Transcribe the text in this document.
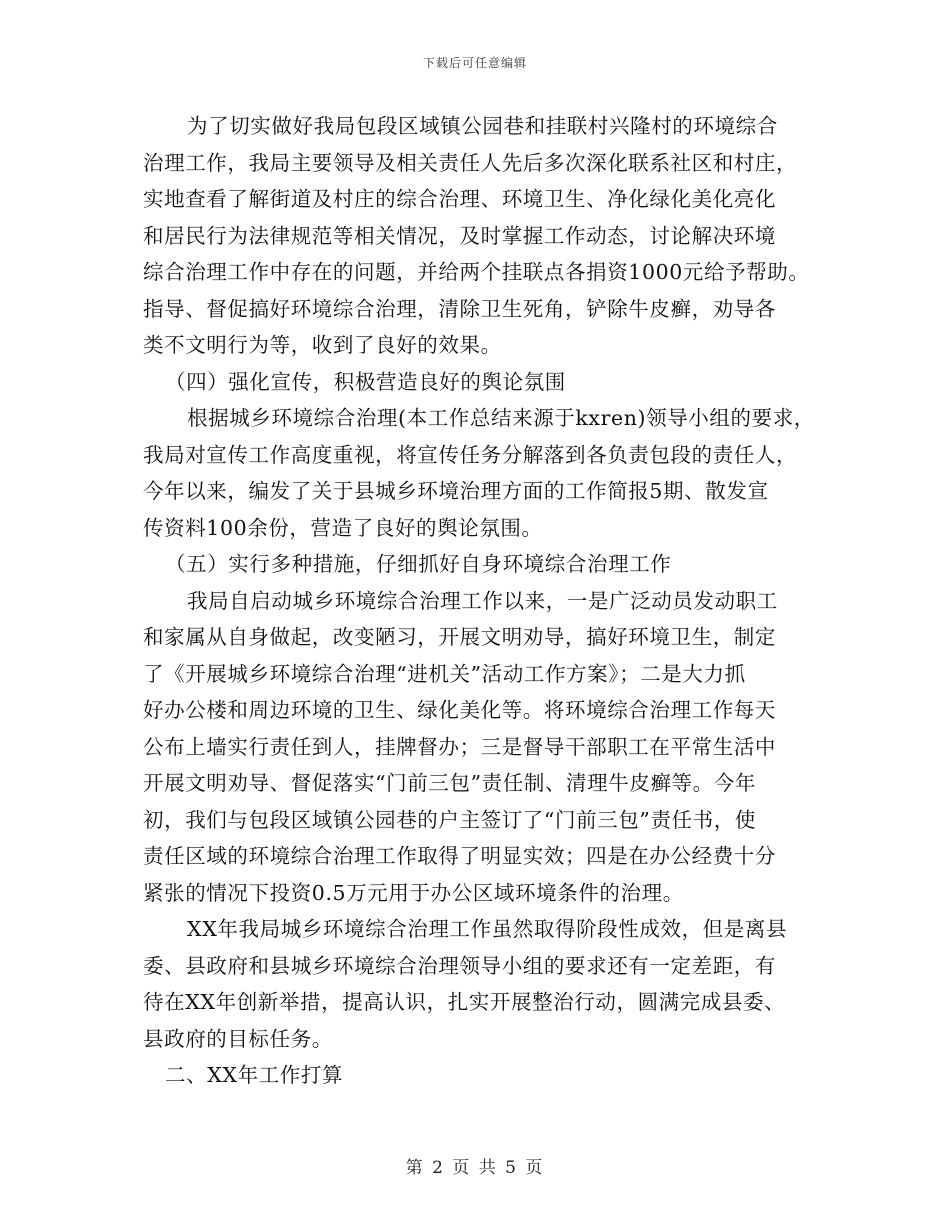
下载后可任意编辑
为了切实做好我局包段区域镇公园巷和挂联村兴隆村的环境综合
治理工作，我局主要领导及相关责任人先后多次深化联系社区和村庄，
实地查看了解街道及村庄的综合治理、环境卫生、净化绿化美化亮化
和居民行为法律规范等相关情况，及时掌握工作动态，讨论解决环境
综合治理工作中存在的问题，并给两个挂联点各捐资1000元给予帮助。
指导、督促搞好环境综合治理，清除卫生死角，铲除牛皮癣，劝导各
类不文明行为等，收到了良好的效果。
（四）强化宣传，积极营造良好的舆论氛围
根据城乡环境综合治理(本工作总结来源于kxren)领导小组的要求，
我局对宣传工作高度重视，将宣传任务分解落到各负责包段的责任人，
今年以来，编发了关于县城乡环境治理方面的工作简报5期、散发宣
传资料100余份，营造了良好的舆论氛围。
（五）实行多种措施，仔细抓好自身环境综合治理工作
我局自启动城乡环境综合治理工作以来，一是广泛动员发动职工
和家属从自身做起，改变陋习，开展文明劝导，搞好环境卫生，制定
了《开展城乡环境综合治理“进机关”活动工作方案》；二是大力抓
好办公楼和周边环境的卫生、绿化美化等。将环境综合治理工作每天
公布上墙实行责任到人，挂牌督办；三是督导干部职工在平常生活中
开展文明劝导、督促落实“门前三包”责任制、清理牛皮癣等。今年
初，我们与包段区域镇公园巷的户主签订了“门前三包”责任书，使
责任区域的环境综合治理工作取得了明显实效；四是在办公经费十分
紧张的情况下投资0.5万元用于办公区域环境条件的治理。
XX年我局城乡环境综合治理工作虽然取得阶段性成效，但是离县
委、县政府和县城乡环境综合治理领导小组的要求还有一定差距，有
待在XX年创新举措，提高认识，扎实开展整治行动，圆满完成县委、
县政府的目标任务。
二、XX年工作打算
第 2 页 共 5 页
